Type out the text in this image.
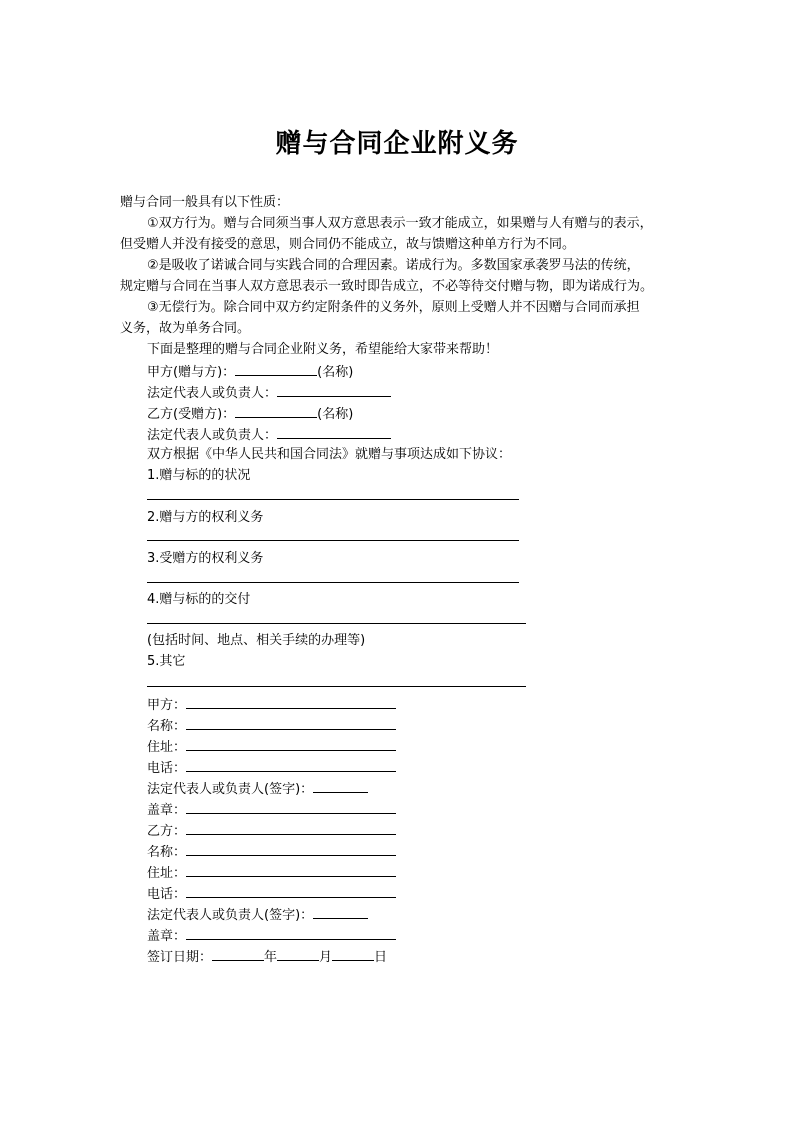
赠与合同企业附义务
赠与合同一般具有以下性质：
①双方行为。赠与合同须当事人双方意思表示一致才能成立，如果赠与人有赠与的表示，
但受赠人并没有接受的意思，则合同仍不能成立，故与馈赠这种单方行为不同。
②是吸收了诺诚合同与实践合同的合理因素。诺成行为。多数国家承袭罗马法的传统，
规定赠与合同在当事人双方意思表示一致时即告成立，不必等待交付赠与物，即为诺成行为。
③无偿行为。除合同中双方约定附条件的义务外，原则上受赠人并不因赠与合同而承担
义务，故为单务合同。
下面是整理的赠与合同企业附义务，希望能给大家带来帮助！
甲方(赠与方)：	(名称)
法定代表人或负责人：
乙方(受赠方)：	(名称)
法定代表人或负责人：
双方根据《中华人民共和国合同法》就赠与事项达成如下协议：
1.赠与标的的状况
2.赠与方的权利义务
3.受赠方的权利义务
4.赠与标的的交付
(包括时间、地点、相关手续的办理等)
5.其它
甲方：
名称：
住址：
电话：
法定代表人或负责人(签字)：
盖章：
乙方：
名称：
住址：
电话：
法定代表人或负责人(签字)：
盖章：
签订日期：	年	月	日
